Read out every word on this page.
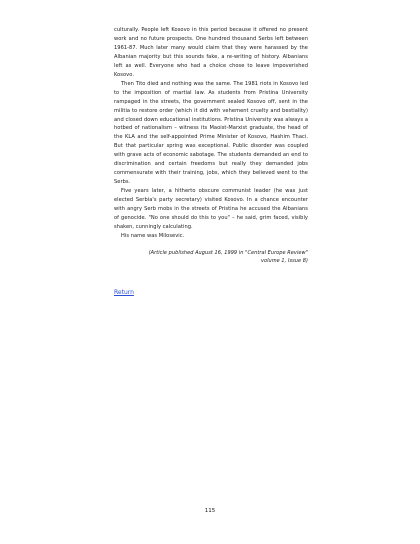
culturally. People left Kosovo in this period because it offered no present work and no future prospects. One hundred thousand Serbs left between 1961-87. Much later many would claim that they were harassed by the Albanian majority but this sounds fake, a re-writing of history. Albanians left as well. Everyone who had a choice chose to leave impoverished Kosovo.

Then Tito died and nothing was the same. The 1981 riots in Kosovo led to the imposition of martial law. As students from Pristina University rampaged in the streets, the government sealed Kosovo off, sent in the militia to restore order (which it did with vehement cruelty and bestiality) and closed down educational institutions. Pristina University was always a hotbed of nationalism – witness its Maoist-Marxist graduate, the head of the KLA and the self-appointed Prime Minister of Kosovo, Hashim Thaci. But that particular spring was exceptional. Public disorder was coupled with grave acts of economic sabotage. The students demanded an end to discrimination and certain freedoms but really they demanded jobs commensurate with their training, jobs, which they believed went to the Serbs.

Five years later, a hitherto obscure communist leader (he was just elected Serbia's party secretary) visited Kosovo. In a chance encounter with angry Serb mobs in the streets of Pristina he accused the Albanians of genocide. "No one should do this to you" – he said, grim faced, visibly shaken, cunningly calculating.

His name was Milosevic.

(Article published August 16, 1999 in "Central Europe Review"
volume 1, Issue 8)
Return
115
